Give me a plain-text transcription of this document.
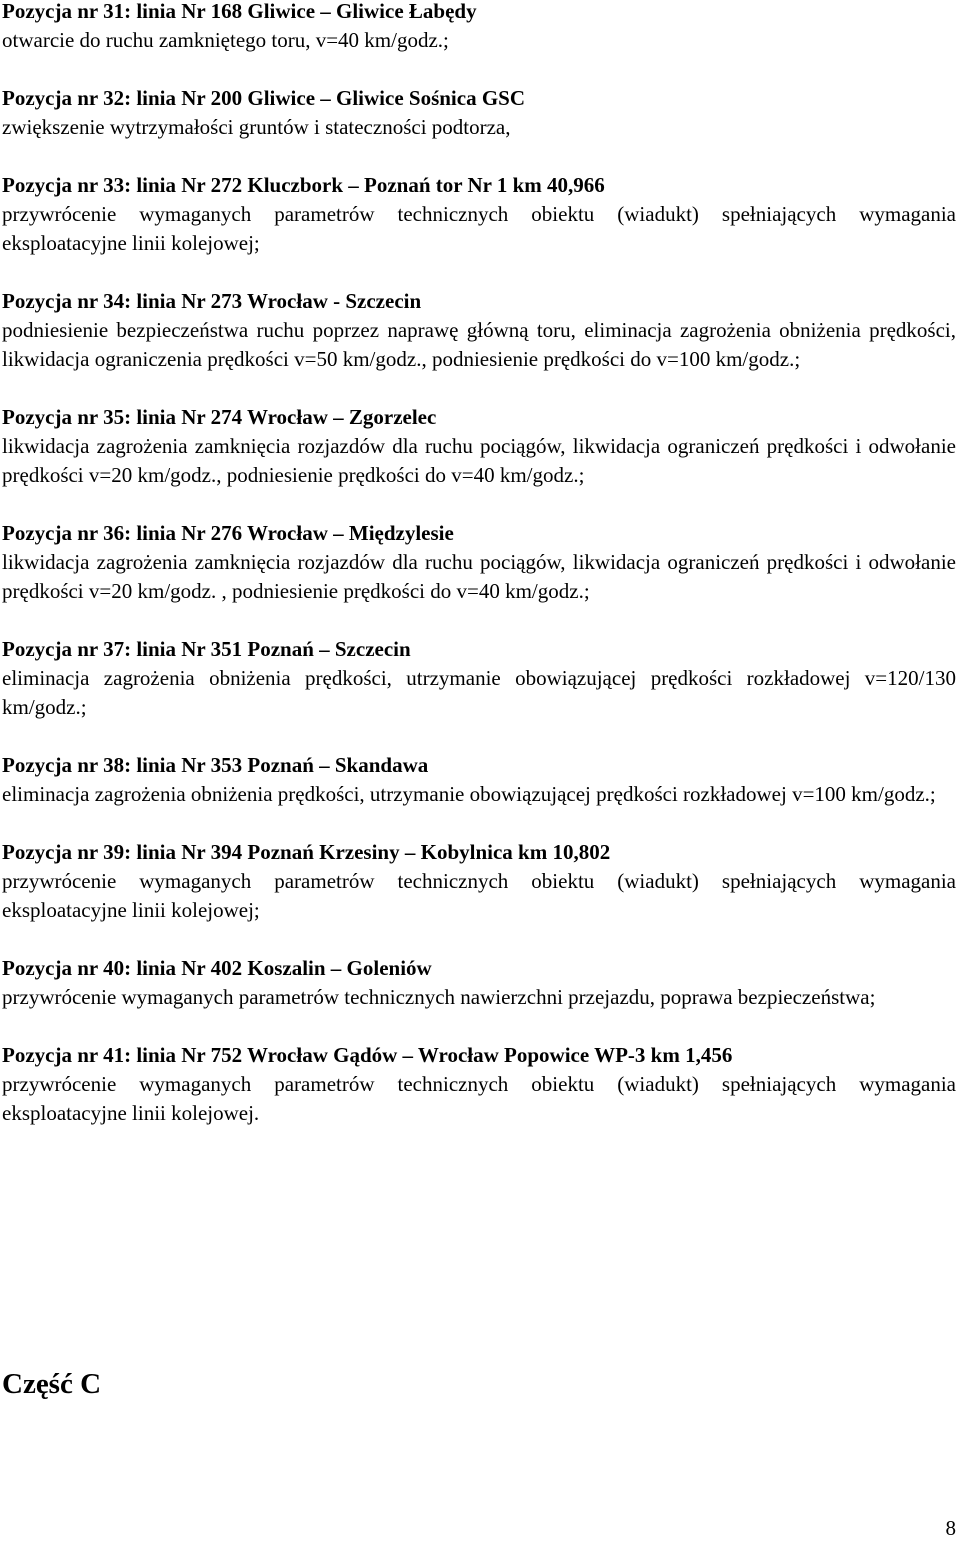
Pozycja nr 31: linia Nr 168 Gliwice – Gliwice Łabędy

otwarcie do ruchu zamkniętego toru, v=40 km/godz.;

Pozycja nr 32: linia Nr 200 Gliwice – Gliwice Sośnica GSC

zwiększenie wytrzymałości gruntów i stateczności podtorza,

Pozycja nr 33: linia Nr 272 Kluczbork – Poznań tor Nr 1 km 40,966

przywrócenie wymaganych parametrów technicznych obiektu (wiadukt) spełniających wymagania eksploatacyjne linii kolejowej;

Pozycja nr 34: linia Nr 273 Wrocław - Szczecin

podniesienie bezpieczeństwa ruchu poprzez naprawę główną toru, eliminacja zagrożenia obniżenia prędkości, likwidacja ograniczenia prędkości v=50 km/godz., podniesienie prędkości do v=100 km/godz.;

Pozycja nr 35: linia Nr 274 Wrocław – Zgorzelec

likwidacja zagrożenia zamknięcia rozjazdów dla ruchu pociągów, likwidacja ograniczeń prędkości i odwołanie prędkości v=20 km/godz., podniesienie prędkości do v=40 km/godz.;

Pozycja nr 36: linia Nr 276 Wrocław – Międzylesie

likwidacja zagrożenia zamknięcia rozjazdów dla ruchu pociągów, likwidacja ograniczeń prędkości i odwołanie prędkości v=20 km/godz. , podniesienie prędkości do v=40 km/godz.;

Pozycja nr 37: linia Nr 351 Poznań – Szczecin

eliminacja zagrożenia obniżenia prędkości, utrzymanie obowiązującej prędkości rozkładowej v=120/130 km/godz.;

Pozycja nr 38: linia Nr 353 Poznań – Skandawa

eliminacja zagrożenia obniżenia prędkości, utrzymanie obowiązującej prędkości rozkładowej v=100 km/godz.;

Pozycja nr 39: linia Nr 394 Poznań Krzesiny – Kobylnica km 10,802

przywrócenie wymaganych parametrów technicznych obiektu (wiadukt) spełniających wymagania eksploatacyjne linii kolejowej;

Pozycja nr 40: linia Nr 402 Koszalin – Goleniów

przywrócenie wymaganych parametrów technicznych nawierzchni przejazdu, poprawa bezpieczeństwa;

Pozycja nr 41: linia Nr 752 Wrocław Gądów – Wrocław Popowice WP-3 km 1,456

przywrócenie wymaganych parametrów technicznych obiektu (wiadukt) spełniających wymagania eksploatacyjne linii kolejowej.

Część C

8
